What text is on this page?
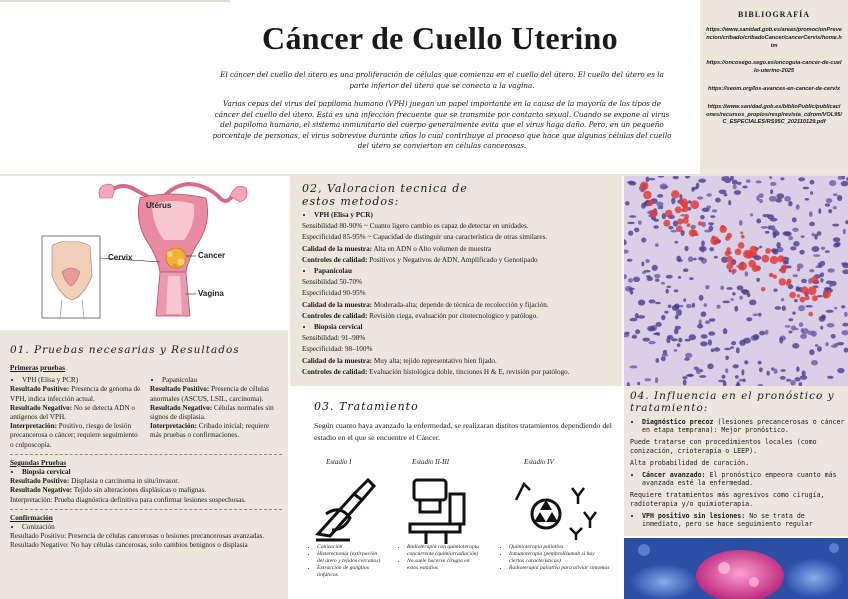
Cáncer de Cuello Uterino

El cáncer del cuello del útero es una proliferación de células que comienza en el cuello del útero. El cuello del útero es la parte inferior del útero que se conecta a la vagina.

Varias cepas del virus del papiloma humano (VPH) juegan un papel importante en la causa de la mayoría de los tipos de cáncer del cuello del útero. Está es una infección frecuente que se transmite por contacto sexual. Cuando se expone al virus del papiloma humano, el sistema inmunitario del cuerpo generalmente evita que el virus haga daño. Pero, en un pequeño porcentaje de personas, el virus sobrevive durante años lo cual contribuye al proceso que hace que algunas células del cuello del útero se conviertan en células cancerosas.

BIBLIOGRAFÍA
https://www.sanidad.gob.es/areas/promocionPrevencion/cribado/cribadoCancer/cancerCervix/home.htm
https://oncosego.sego.es/oncoguia-cancer-de-cuello-uterino-2025
https://seom.org/los-avances-en-cancer-de-cervix
https://www.sanidad.gob.es/biblioPublic/publicaciones/recursos_propios/resp/revista_cdrom/VOL95/C_ESPECIALES/RS95C_202110129.pdf
Utérus
Cervix	Cancer
Vagina
01. Pruebas necesarias y Resultados
Primeras pruebas
• VPH (Elisa y PCR)
Resultado Positivo: Presencia de genoma de VPH, indica infección actual.
Resultado Negativo: No se detecta ADN o antígenos del VPH.
Interpretación: Positivo, riesgo de lesión precancerosa o cáncer; requiere seguimiento o colposcopía.
• Papanicolau
Resultado Positivo: Presencia de células anormales (ASCUS, LSIL, carcinoma).
Resultado Negativo: Células normales sin signos de displasia.
Interpretación: Cribado inicial; requiere más pruebas o confirmaciones.
Segundas Pruebas
• Biopsia cervical
Resultado Positivo: Displasia o carcinoma in situ/invasor.
Resultado Negativo: Tejido sin alteraciones displásicas o malignas.
Interpretación: Prueba diagnóstica definitiva para confirmar lesiones sospechosas.
Confirmación
• Conización
Resultado Positivo: Presencia de células cancerosas o lesiones precancerosas avanzadas.
Resultado Negativo: No hay células cancerosas, solo cambios benignos o displasia
02, Valoracion tecnica de estos metodos:
• VPH (Elisa y PCR)
Sensibilidad 80-90% ~ Cuanto ligero cambio es capaz de detectar en unidades.
Especificidad 85-95% ~ Capacidad de distinguir una característica de otras similares.
Calidad de la muestra: Alta en ADN o Alto volumen de muestra
Controles de calidad: Positivos y Negativos de ADN, Amplificado y Genotipado
• Papanicolau
Sensibilidad 50-70%
Especificidad 90-95%
Calidad de la muestra: Moderada-alta; depende de técnica de recolección y fijación.
Controles de calidad: Revisión ciega, evaluación por citotecnologico y patólogo.
• Biopsia cervical
Sensibilidad: 91–98%
Especificidad: 98–100%
Calidad de la muestra: Muy alta; tejido representativo bien fijado.
Controles de calidad: Evaluación histológica doble, tinciones H & E, revisión por patólogo.
03. Tratamiento
Según cuanto haya avanzado la enfermedad, se realizaran distitos tratamientos dependiendo del estadio en el que se encuentre el Cáncer.
Estadio I	Estadio II-III	Estadio IV
• Conización
• Histerectomía (extirpación del útero y tejidos cercanos)
• Extracción de ganglios linfáticos
• Radioterapia con quimioterapia concurrente (quimiorradiación)
• No suele hacerse cirugía en estos estadios
• Quimioterapia paliativa
• Inmunoterapia (pembrolizumab si hay ciertas características)
• Radioterapia paliativa para aliviar síntomas
04. Influencia en el pronóstico y tratamiento:
• Diagnóstico precoz (lesiones precancerosas o cáncer en etapa temprana): Mejor pronóstico.

Puede tratarse con procedimientos locales (como conización, crioterapia o LEEP).

Alta probabilidad de curación.

• Cáncer avanzado: El pronóstico empeora cuanto más avanzada esté la enfermedad.

Requiere tratamientos más agresivos como cirugía, radioterapia y/o quimioterapia.

• VPH positivo sin lesiones: No se trata de inmediato, pero se hace seguimiento regular
